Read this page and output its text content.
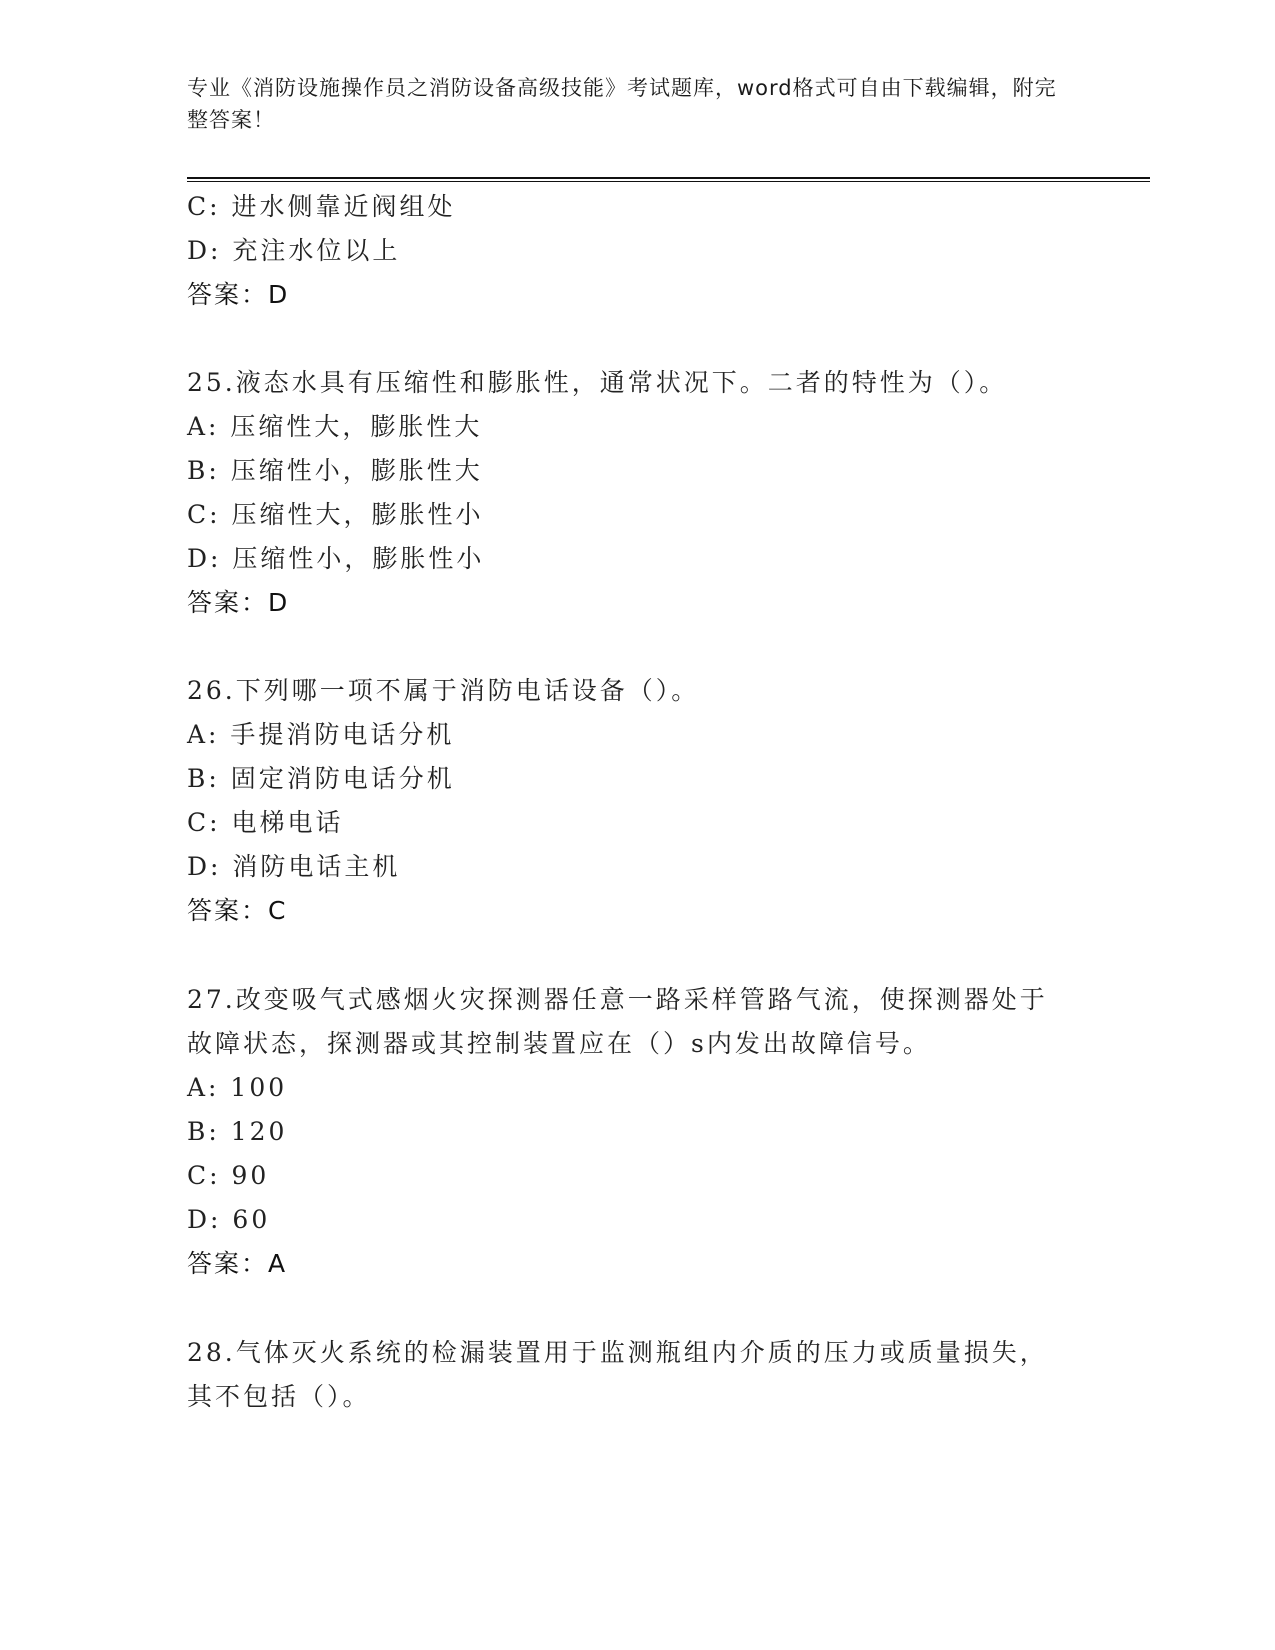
专业《消防设施操作员之消防设备高级技能》考试题库，word格式可自由下载编辑，附完整答案！
C: 进水侧靠近阀组处
D: 充注水位以上
答案：D
25.液态水具有压缩性和膨胀性，通常状况下。二者的特性为（）。
A: 压缩性大，膨胀性大
B: 压缩性小，膨胀性大
C: 压缩性大，膨胀性小
D: 压缩性小，膨胀性小
答案：D
26.下列哪一项不属于消防电话设备（）。
A: 手提消防电话分机
B: 固定消防电话分机
C: 电梯电话
D: 消防电话主机
答案：C
27.改变吸气式感烟火灾探测器任意一路采样管路气流，使探测器处于
故障状态，探测器或其控制装置应在（）s内发出故障信号。
A: 100
B: 120
C: 90
D: 60
答案：A
28.气体灭火系统的检漏装置用于监测瓶组内介质的压力或质量损失，
其不包括（）。
